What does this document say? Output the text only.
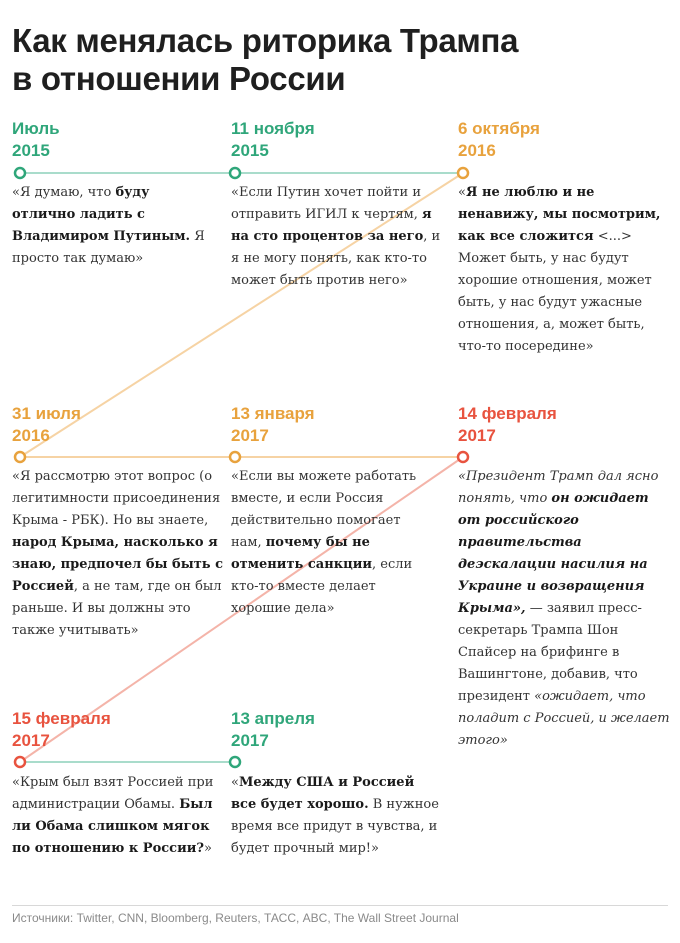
Как менялась риторика Трампа
в отношении России
Июль
2015
«Я думаю, что буду отлично ладить с Владимиром Путиным. Я просто так думаю»
11 ноября
2015
«Если Путин хочет пойти и отправить ИГИЛ к чертям, я на сто процентов за него, и я не могу понять, как кто-то может быть против него»
6 октября
2016
«Я не люблю и не ненавижу, мы посмотрим, как все сложится <...> Может быть, у нас будут хорошие отношения, может быть, у нас будут ужасные отношения, а, может быть, что-то посередине»
31 июля
2016
«Я рассмотрю этот вопрос (о легитимности присоединения Крыма - РБК). Но вы знаете, народ Крыма, насколько я знаю, предпочел бы быть с Россией, а не там, где он был раньше. И вы должны это также учитывать»
13 января
2017
«Если вы можете работать вместе, и если Россия действительно помогает нам, почему бы не отменить санкции, если кто-то вместе делает хорошие дела»
14 февраля
2017
«Президент Трамп дал ясно понять, что он ожидает от российского правительства деэскалации насилия на Украине и возвращения Крыма», — заявил пресс-секретарь Трампа Шон Спайсер на брифинге в Вашингтоне, добавив, что президент «ожидает, что поладит с Россией, и желает этого»
15 февраля
2017
«Крым был взят Россией при администрации Обамы. Был ли Обама слишком мягок по отношению к России?»
13 апреля
2017
«Между США и Россией все будет хорошо. В нужное время все придут в чувства, и будет прочный мир!»
Источники: Twitter, CNN, Bloomberg, Reuters, ТАСС, ABC, The Wall Street Journal
